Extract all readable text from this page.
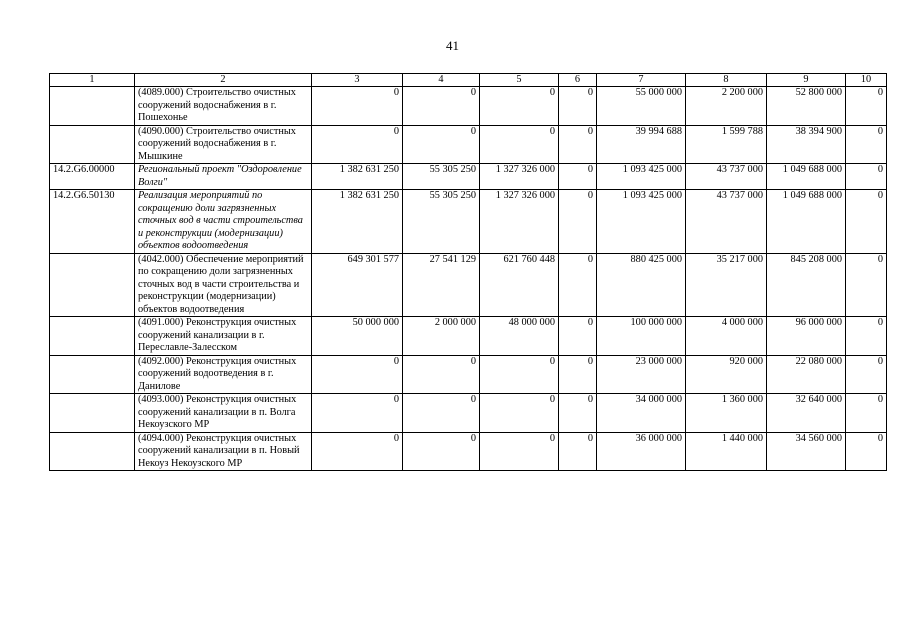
41
1	2	3	4	5	6	7	8	9	10
	(4089.000) Строительство очистных сооружений водоснабжения в г. Пошехонье	0	0	0	0	55 000 000	2 200 000	52 800 000	0
	(4090.000) Строительство очистных сооружений водоснабжения в г. Мышкине	0	0	0	0	39 994 688	1 599 788	38 394 900	0
14.2.G6.00000	Региональный проект "Оздоровление Волги"	1 382 631 250	55 305 250	1 327 326 000	0	1 093 425 000	43 737 000	1 049 688 000	0
14.2.G6.50130	Реализация мероприятий по сокращению доли загрязненных сточных вод в части строительства и реконструкции (модернизации) объектов водоотведения	1 382 631 250	55 305 250	1 327 326 000	0	1 093 425 000	43 737 000	1 049 688 000	0
	(4042.000) Обеспечение мероприятий по сокращению доли загрязненных сточных вод в части строительства и реконструкции (модернизации) объектов водоотведения	649 301 577	27 541 129	621 760 448	0	880 425 000	35 217 000	845 208 000	0
	(4091.000) Реконструкция очистных сооружений канализации в г. Переславле-Залесском	50 000 000	2 000 000	48 000 000	0	100 000 000	4 000 000	96 000 000	0
	(4092.000) Реконструкция очистных сооружений водоотведения в г. Данилове	0	0	0	0	23 000 000	920 000	22 080 000	0
	(4093.000) Реконструкция очистных сооружений канализации в п. Волга Некоузского МР	0	0	0	0	34 000 000	1 360 000	32 640 000	0
	(4094.000) Реконструкция очистных сооружений канализации в п. Новый Некоуз Некоузского МР	0	0	0	0	36 000 000	1 440 000	34 560 000	0
